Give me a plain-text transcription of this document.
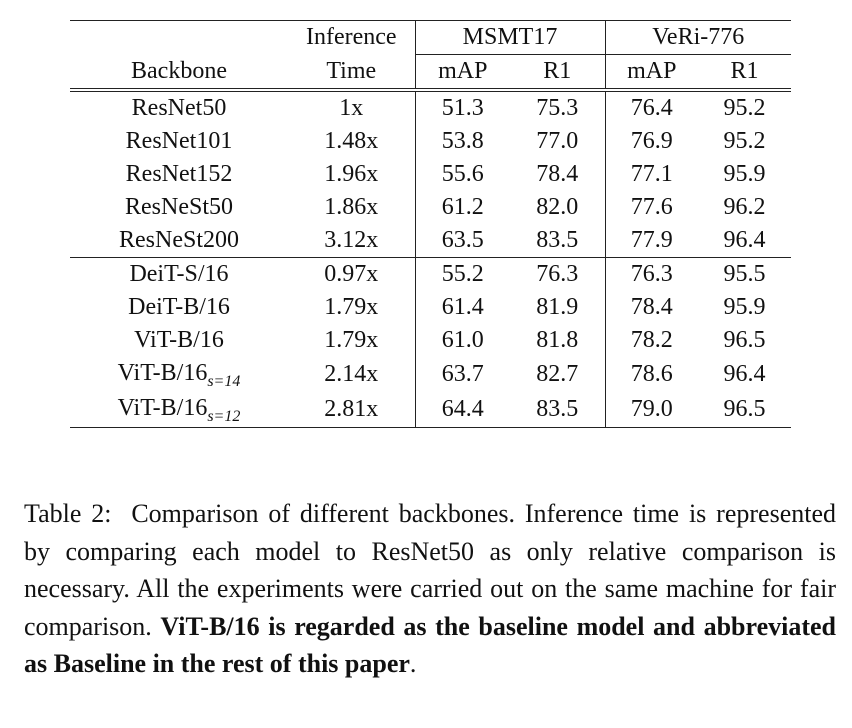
	Inference	MSMT17		VeRi-776	
Backbone	Time	mAP	R1	mAP	R1
ResNet50	1x	51.3	75.3	76.4	95.2
ResNet101	1.48x	53.8	77.0	76.9	95.2
ResNet152	1.96x	55.6	78.4	77.1	95.9
ResNeSt50	1.86x	61.2	82.0	77.6	96.2
ResNeSt200	3.12x	63.5	83.5	77.9	96.4
DeiT-S/16	0.97x	55.2	76.3	76.3	95.5
DeiT-B/16	1.79x	61.4	81.9	78.4	95.9
ViT-B/16	1.79x	61.0	81.8	78.2	96.5
ViT-$B/16_{s=14}$	2.14x	63.7	82.7	78.6	96.4
ViT-$B/16_{s=12}$	2.81x	64.4	83.5	79.0	96.5
Table 2: Comparison of different backbones. Inference time is represented by comparing each model to ResNet50 as only relative comparison is necessary. All the experiments were carried out on the same machine for fair comparison. ViT-B/16 is regarded as the baseline model and abbreviated as Baseline in the rest of this paper.
